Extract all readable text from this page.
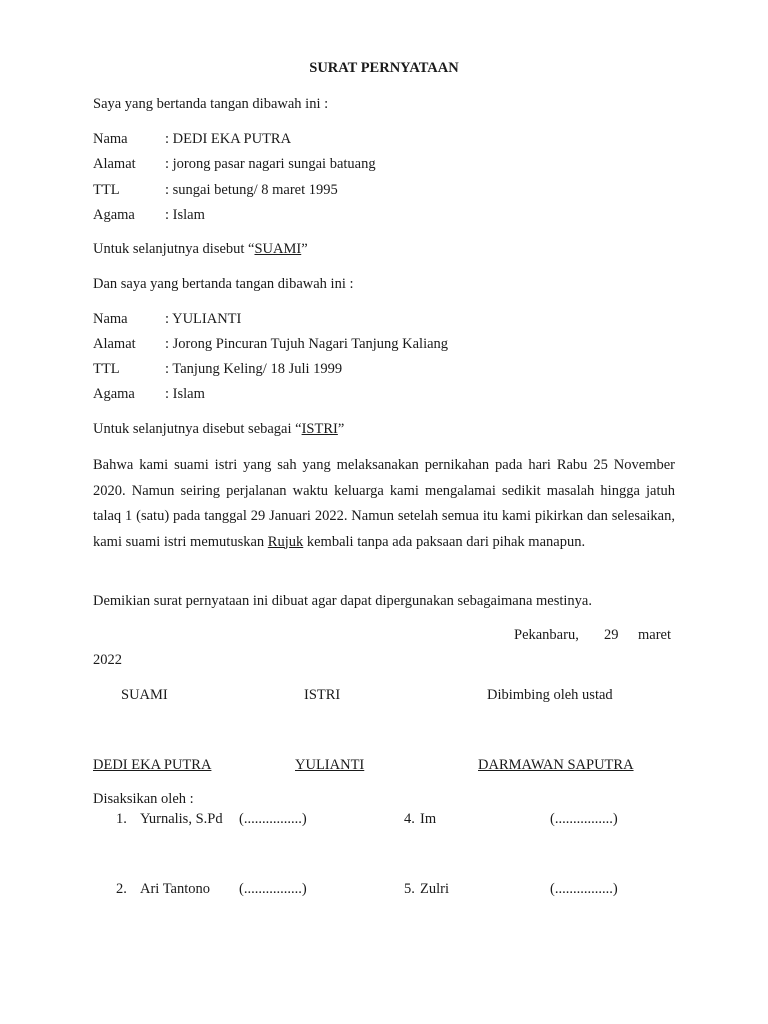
SURAT PERNYATAAN
Saya yang bertanda tangan dibawah ini :
Nama	: DEDI EKA PUTRA
Alamat : jorong pasar nagari sungai batuang
TTL	: sungai betung/ 8 maret 1995
Agama : Islam
Untuk selanjutnya disebut “SUAMI”
Dan saya yang bertanda tangan dibawah ini :
Nama	: YULIANTI
Alamat : Jorong Pincuran Tujuh Nagari Tanjung Kaliang
TTL	: Tanjung Keling/ 18 Juli 1999
Agama : Islam
Untuk selanjutnya disebut sebagai “ISTRI”
Bahwa kami suami istri yang sah yang melaksanakan pernikahan pada hari Rabu 25 November 2020. Namun seiring perjalanan waktu keluarga kami mengalamai sedikit masalah hingga jatuh talaq 1 (satu) pada tanggal 29 Januari 2022. Namun setelah semua itu kami pikirkan dan selesaikan, kami suami istri memutuskan Rujuk kembali tanpa ada paksaan dari pihak manapun.
Demikian surat pernyataan ini dibuat agar dapat dipergunakan sebagaimana mestinya.
Pekanbaru, 29 maret
2022
SUAMI	ISTRI	Dibimbing oleh ustad
DEDI EKA PUTRA	YULIANTI	DARMAWAN SAPUTRA
Disaksikan oleh :
1. Yurnalis, S.Pd (................)	4. Im	(................)
2. Ari Tantono (................)	5. Zulri	(................)
